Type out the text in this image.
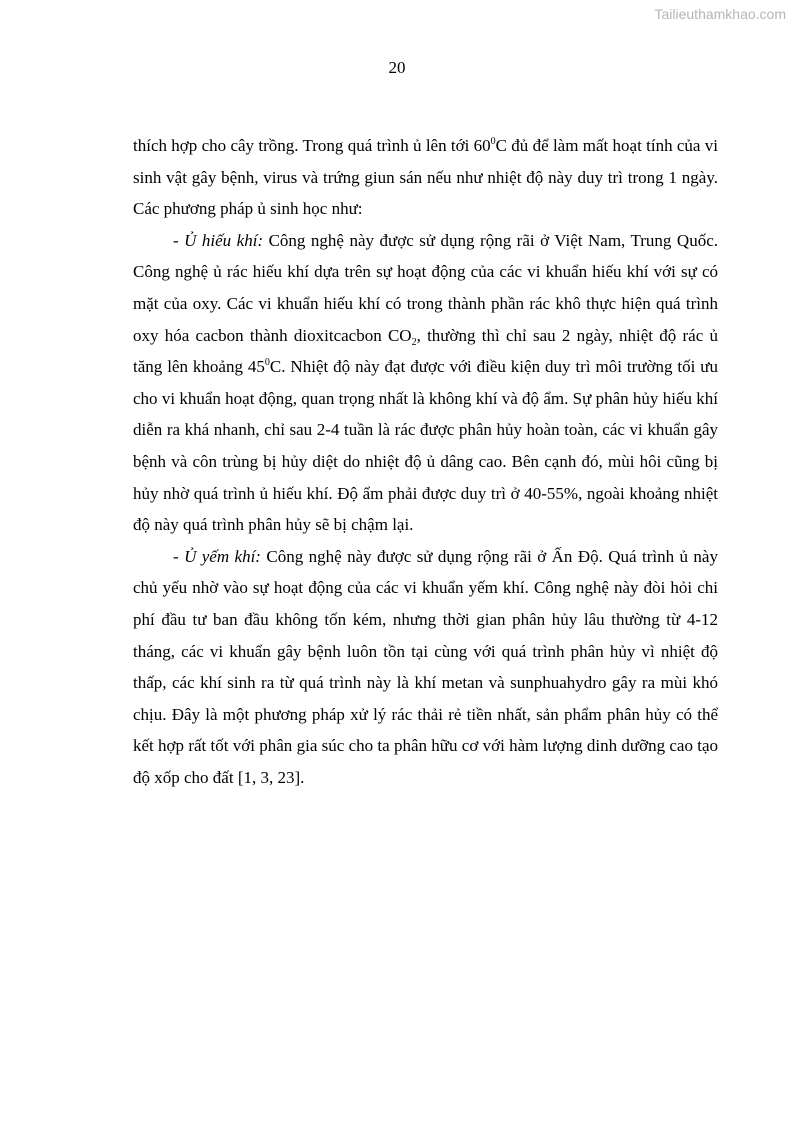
Tailieuthamkhao.com
20

thích hợp cho cây trồng. Trong quá trình ủ lên tới $60^0C$ đủ để làm mất hoạt tính của vi sinh vật gây bệnh, virus và trứng giun sán nếu như nhiệt độ này duy trì trong 1 ngày. Các phương pháp ủ sinh học như:

- Ủ hiếu khí: Công nghệ này được sử dụng rộng rãi ở Việt Nam, Trung Quốc. Công nghệ ủ rác hiếu khí dựa trên sự hoạt động của các vi khuẩn hiếu khí với sự có mặt của oxy. Các vi khuẩn hiếu khí có trong thành phần rác khô thực hiện quá trình oxy hóa cacbon thành dioxitcacbon $CO_2$, thường thì chỉ sau 2 ngày, nhiệt độ rác ủ tăng lên khoảng $45^0C$. Nhiệt độ này đạt được với điều kiện duy trì môi trường tối ưu cho vi khuẩn hoạt động, quan trọng nhất là không khí và độ ẩm. Sự phân hủy hiếu khí diễn ra khá nhanh, chỉ sau 2-4 tuần là rác được phân hủy hoàn toàn, các vi khuẩn gây bệnh và côn trùng bị hủy diệt do nhiệt độ ủ dâng cao. Bên cạnh đó, mùi hôi cũng bị hủy nhờ quá trình ủ hiếu khí. Độ ẩm phải được duy trì ở 40-55%, ngoài khoảng nhiệt độ này quá trình phân hủy sẽ bị chậm lại.

- Ủ yếm khí: Công nghệ này được sử dụng rộng rãi ở Ấn Độ. Quá trình ủ này chủ yếu nhờ vào sự hoạt động của các vi khuẩn yếm khí. Công nghệ này đòi hỏi chi phí đầu tư ban đầu không tốn kém, nhưng thời gian phân hủy lâu thường từ 4-12 tháng, các vi khuẩn gây bệnh luôn tồn tại cùng với quá trình phân hủy vì nhiệt độ thấp, các khí sinh ra từ quá trình này là khí metan và sunphuahydro gây ra mùi khó chịu. Đây là một phương pháp xử lý rác thải rẻ tiền nhất, sản phẩm phân hủy có thể kết hợp rất tốt với phân gia súc cho ta phân hữu cơ với hàm lượng dinh dưỡng cao tạo độ xốp cho đất [1, 3, 23].
